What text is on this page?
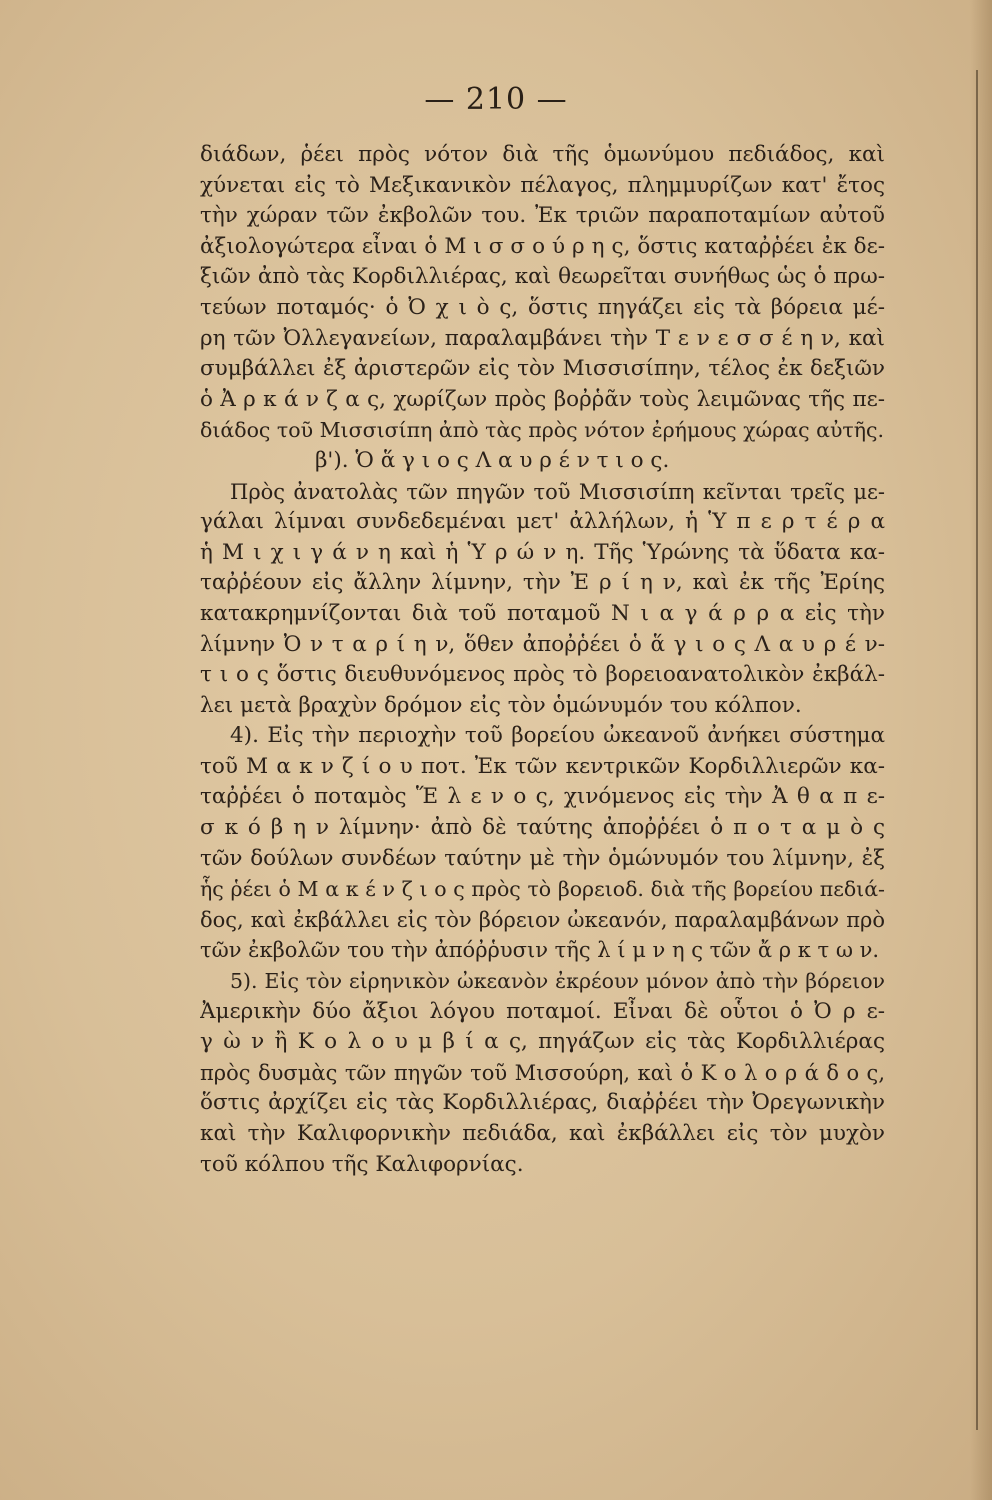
— 210 —
διάδων, ῥέει πρὸς νότον διὰ τῆς ὁμωνύμου πεδιάδος, καὶ
χύνεται εἰς τὸ Μεξικανικὸν πέλαγος, πλημμυρίζων κατ' ἔτος
τὴν χώραν τῶν ἐκβολῶν του. Ἐκ τριῶν παραποταμίων αὐτοῦ
ἀξιολογώτερα εἶναι ὁ Μ ι σ σ ο ύ ρ η ς, ὅστις καταῤῥέει ἐκ δε-
ξιῶν ἀπὸ τὰς Κορδιλλιέρας, καὶ θεωρεῖται συνήθως ὡς ὁ πρω-
τεύων ποταμός· ὁ Ὀ χ ι ὸ ς, ὅστις πηγάζει εἰς τὰ βόρεια μέ-
ρη τῶν Ὀλλεγανείων, παραλαμβάνει τὴν Τ ε ν ε σ σ έ η ν, καὶ
συμβάλλει ἐξ ἀριστερῶν εἰς τὸν Μισσισίπην, τέλος ἐκ δεξιῶν
ὁ Ἀ ρ κ ά ν ζ α ς, χωρίζων πρὸς βοῤῥᾶν τοὺς λειμῶνας τῆς πε-
διάδος τοῦ Μισσισίπη ἀπὸ τὰς πρὸς νότον ἐρήμους χώρας αὐτῆς.
β'). Ὁ ἅ γ ι ο ς Λ α υ ρ έ ν τ ι ο ς.
Πρὸς ἀνατολὰς τῶν πηγῶν τοῦ Μισσισίπη κεῖνται τρεῖς με-
γάλαι λίμναι συνδεδεμέναι μετ' ἀλλήλων, ἡ Ὑ π ε ρ τ έ ρ α
ἡ Μ ι χ ι γ ά ν η καὶ ἡ Ὑ ρ ώ ν η. Τῆς Ὑρώνης τὰ ὕδατα κα-
ταῤῥέουν εἰς ἄλλην λίμνην, τὴν Ἐ ρ ί η ν, καὶ ἐκ τῆς Ἐρίης
κατακρημνίζονται διὰ τοῦ ποταμοῦ Ν ι α γ ά ρ ρ α εἰς τὴν
λίμνην Ὀ ν τ α ρ ί η ν, ὅθεν ἀποῤῥέει ὁ ἅ γ ι ο ς Λ α υ ρ έ ν-
τ ι ο ς ὅστις διευθυνόμενος πρὸς τὸ βορειοανατολικὸν ἐκβάλ-
λει μετὰ βραχὺν δρόμον εἰς τὸν ὁμώνυμόν του κόλπον.
4). Εἰς τὴν περιοχὴν τοῦ βορείου ὠκεανοῦ ἀνήκει σύστημα
τοῦ Μ α κ ν ζ ί ο υ ποτ. Ἐκ τῶν κεντρικῶν Κορδιλλιερῶν κα-
ταῤῥέει ὁ ποταμὸς Ἕ λ ε ν ο ς, χινόμενος εἰς τὴν Ἀ θ α π ε-
σ κ ό β η ν λίμνην· ἀπὸ δὲ ταύτης ἀποῤῥέει ὁ π ο τ α μ ὸ ς
τῶν δούλων συνδέων ταύτην μὲ τὴν ὁμώνυμόν του λίμνην, ἐξ
ἧς ῥέει ὁ Μ α κ έ ν ζ ι ο ς πρὸς τὸ βορειοδ. διὰ τῆς βορείου πεδιά-
δος, καὶ ἐκβάλλει εἰς τὸν βόρειον ὠκεανόν, παραλαμβάνων πρὸ
τῶν ἐκβολῶν του τὴν ἀπόῤῥυσιν τῆς λ ί μ ν η ς τῶν ἄ ρ κ τ ω ν.
5). Εἰς τὸν εἰρηνικὸν ὠκεανὸν ἐκρέουν μόνον ἀπὸ τὴν βόρειον
Ἀμερικὴν δύο ἄξιοι λόγου ποταμοί. Εἶναι δὲ οὗτοι ὁ Ὀ ρ ε-
γ ὼ ν ἢ Κ ο λ ο υ μ β ί α ς, πηγάζων εἰς τὰς Κορδιλλιέρας
πρὸς δυσμὰς τῶν πηγῶν τοῦ Μισσούρη, καὶ ὁ Κ ο λ ο ρ ά δ ο ς,
ὅστις ἀρχίζει εἰς τὰς Κορδιλλιέρας, διαῤῥέει τὴν Ὀρεγωνικὴν
καὶ τὴν Καλιφορνικὴν πεδιάδα, καὶ ἐκβάλλει εἰς τὸν μυχὸν
τοῦ κόλπου τῆς Καλιφορνίας.
